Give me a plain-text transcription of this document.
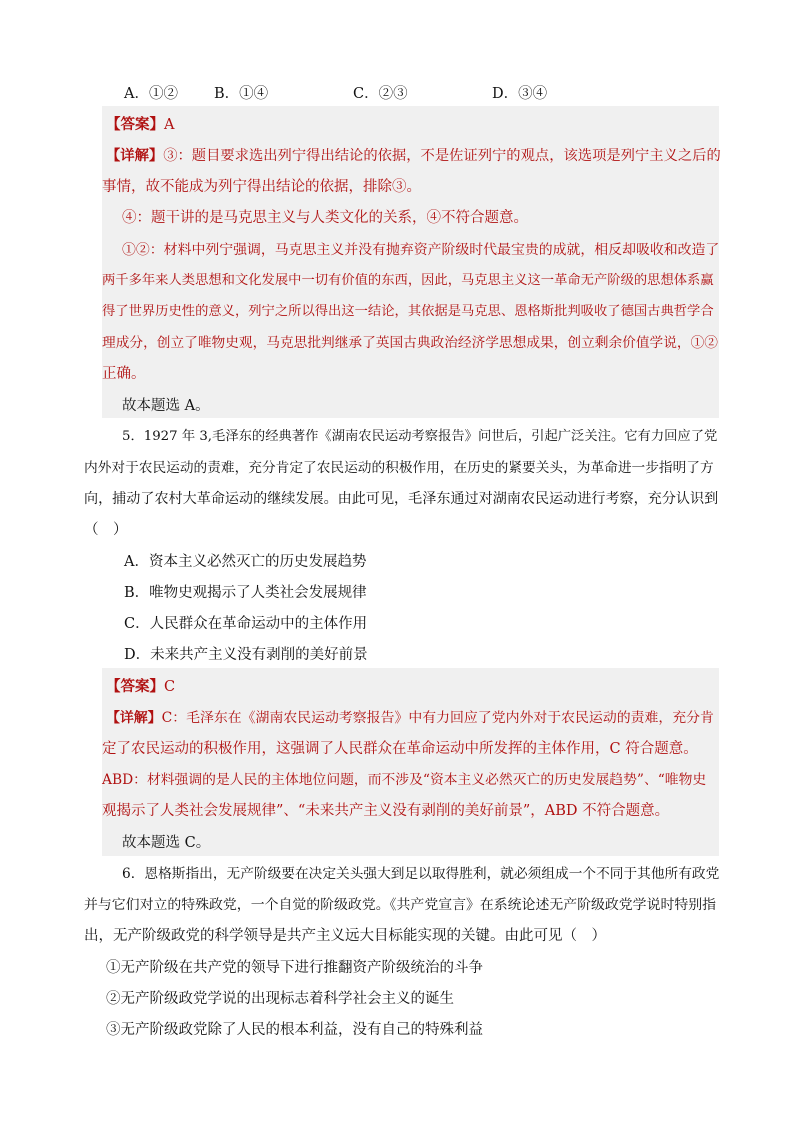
A．①② B．①④	C．②③	D．③④
【答案】A
【详解】③：题目要求选出列宁得出结论的依据，不是佐证列宁的观点，该选项是列宁主义之后的
事情，故不能成为列宁得出结论的依据，排除③。
④：题干讲的是马克思主义与人类文化的关系，④不符合题意。
①②：材料中列宁强调，马克思主义并没有抛弃资产阶级时代最宝贵的成就，相反却吸收和改造了
两千多年来人类思想和文化发展中一切有价值的东西，因此，马克思主义这一革命无产阶级的思想体系赢
得了世界历史性的意义，列宁之所以得出这一结论，其依据是马克思、恩格斯批判吸收了德国古典哲学合
理成分，创立了唯物史观，马克思批判继承了英国古典政治经济学思想成果，创立剩余价值学说，①②
正确。
故本题选 A。
5．1927 年 3,毛泽东的经典著作《湖南农民运动考察报告》问世后，引起广泛关注。它有力回应了党
内外对于农民运动的责难，充分肯定了农民运动的积极作用，在历史的紧要关头，为革命进一步指明了方
向，捕动了农村大革命运动的继续发展。由此可见，毛泽东通过对湖南农民运动进行考察，充分认识到
（　）
A．资本主义必然灭亡的历史发展趋势
B．唯物史观揭示了人类社会发展规律
C．人民群众在革命运动中的主体作用
D．未来共产主义没有剥削的美好前景
【答案】C
【详解】C：毛泽东在《湖南农民运动考察报告》中有力回应了党内外对于农民运动的责难，充分肯
定了农民运动的积极作用，这强调了人民群众在革命运动中所发挥的主体作用，C 符合题意。
ABD：材料强调的是人民的主体地位问题，而不涉及“资本主义必然灭亡的历史发展趋势”、“唯物史
观揭示了人类社会发展规律”、“未来共产主义没有剥削的美好前景”，ABD 不符合题意。
故本题选 C。
6．恩格斯指出，无产阶级要在决定关头强大到足以取得胜利，就必须组成一个不同于其他所有政党
并与它们对立的特殊政党，一个自觉的阶级政党。《共产党宣言》在系统论述无产阶级政党学说时特别指
出，无产阶级政党的科学领导是共产主义远大目标能实现的关键。由此可见（　）
①无产阶级在共产党的领导下进行推翻资产阶级统治的斗争
②无产阶级政党学说的出现标志着科学社会主义的诞生
③无产阶级政党除了人民的根本利益，没有自己的特殊利益
